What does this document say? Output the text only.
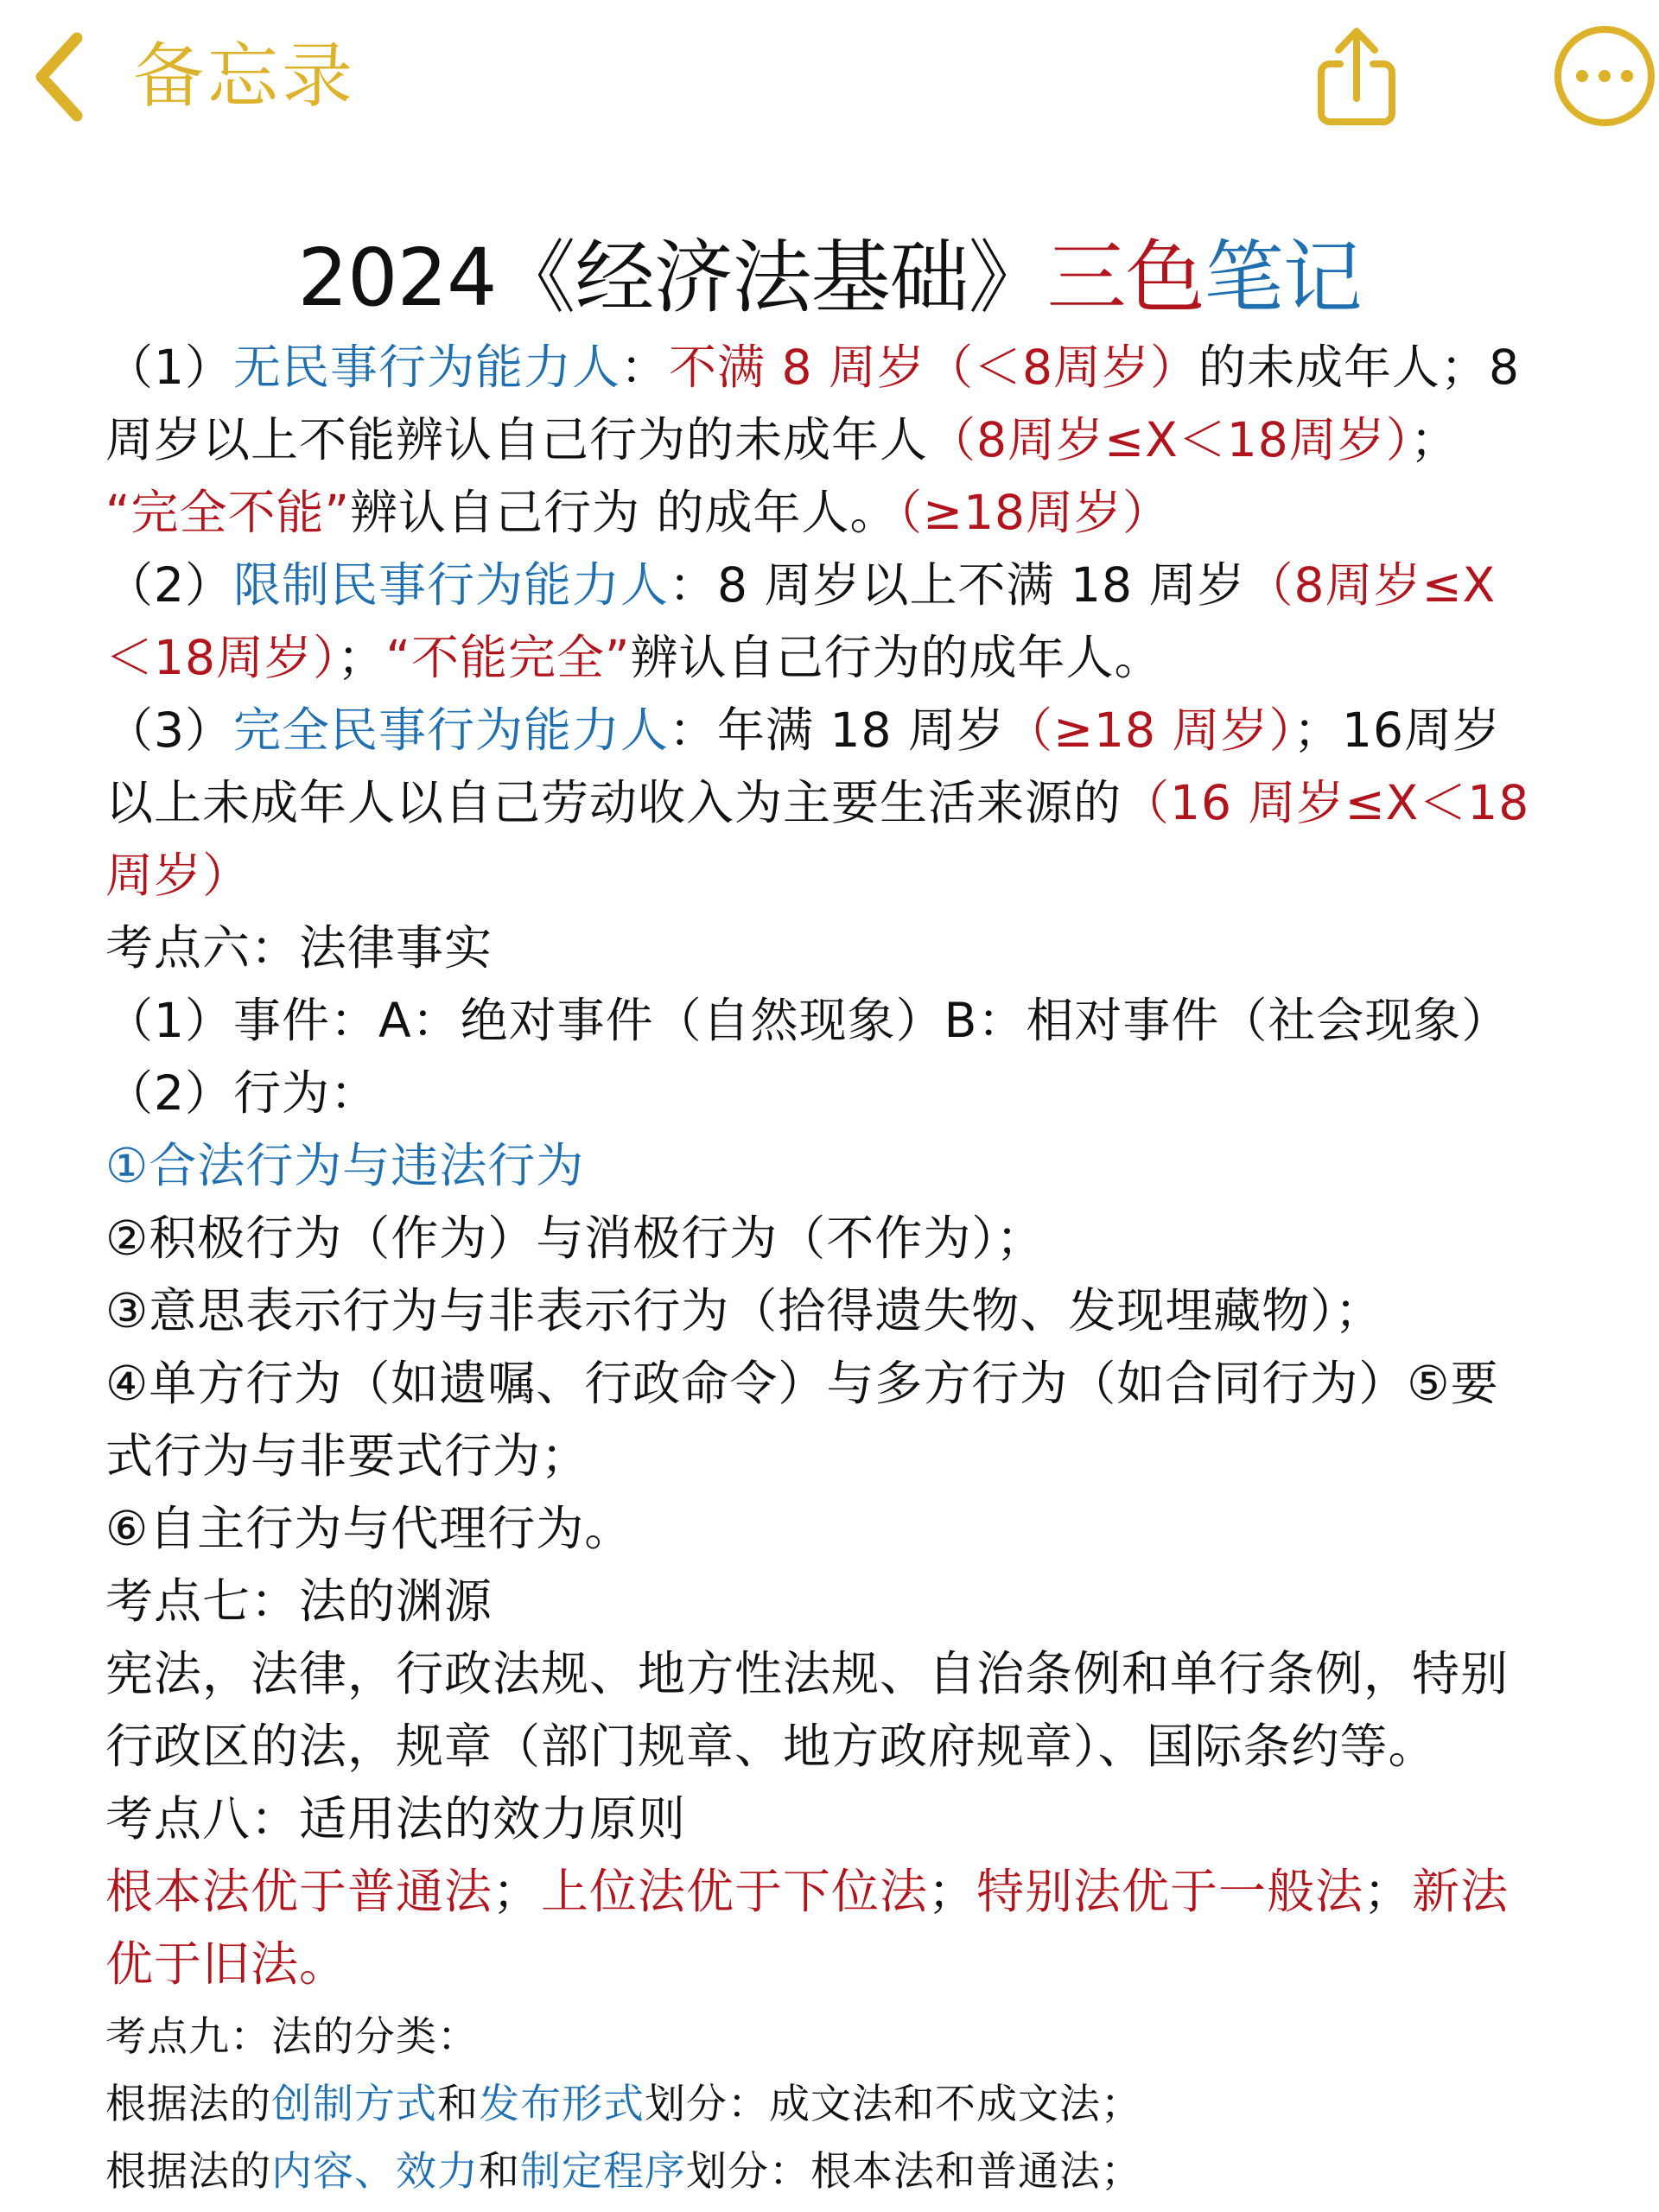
备忘录
2024《经济法基础》三色笔记
（1）无民事行为能力人：不满 8 周岁（＜8周岁）的未成年人；8
周岁以上不能辨认自己行为的未成年人（8周岁≤X＜18周岁）；
“完全不能”辨认自己行为 的成年人。（≥18周岁）
（2）限制民事行为能力人：8 周岁以上不满 18 周岁（8周岁≤X
＜18周岁）；“不能完全”辨认自己行为的成年人。
（3）完全民事行为能力人：年满 18 周岁（≥18 周岁）；16周岁
以上未成年人以自己劳动收入为主要生活来源的（16 周岁≤X＜18
周岁）
考点六：法律事实
（1）事件：A：绝对事件（自然现象）B：相对事件（社会现象）
（2）行为：
①合法行为与违法行为
②积极行为（作为）与消极行为（不作为）；
③意思表示行为与非表示行为（拾得遗失物、发现埋藏物）；
④单方行为（如遗嘱、行政命令）与多方行为（如合同行为）⑤要
式行为与非要式行为；
⑥自主行为与代理行为。
考点七：法的渊源
宪法，法律，行政法规、地方性法规、自治条例和单行条例，特别
行政区的法，规章（部门规章、地方政府规章）、国际条约等。
考点八：适用法的效力原则
根本法优于普通法；上位法优于下位法；特别法优于一般法；新法
优于旧法。
考点九：法的分类：
根据法的创制方式和发布形式划分：成文法和不成文法；
根据法的内容、效力和制定程序划分：根本法和普通法；
